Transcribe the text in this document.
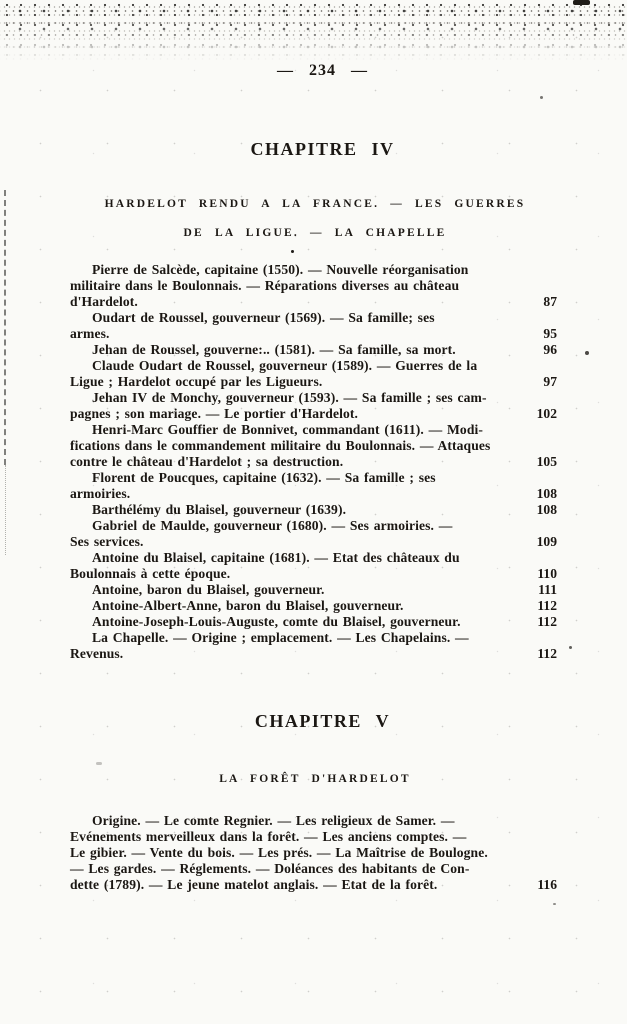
— 234 —
CHAPITRE IV
HARDELOT RENDU A LA FRANCE. — LES GUERRES
DE LA LIGUE. — LA CHAPELLE
Pierre de Salcède, capitaine (1550). — Nouvelle réorganisation
militaire dans le Boulonnais. — Réparations diverses au château
d'Hardelot.	87
Oudart de Roussel, gouverneur (1569). — Sa famille; ses
armes.	95
Jehan de Roussel, gouverne:.. (1581). — Sa famille, sa mort.	96
Claude Oudart de Roussel, gouverneur (1589). — Guerres de la
Ligue ; Hardelot occupé par les Ligueurs.	97
Jehan IV de Monchy, gouverneur (1593). — Sa famille ; ses cam-
pagnes ; son mariage. — Le portier d'Hardelot.	102
Henri-Marc Gouffier de Bonnivet, commandant (1611). — Modi-
fications dans le commandement militaire du Boulonnais. — Attaques
contre le château d'Hardelot ; sa destruction.	105
Florent de Poucques, capitaine (1632). — Sa famille ; ses
armoiries.	108
Barthélémy du Blaisel, gouverneur (1639).	108
Gabriel de Maulde, gouverneur (1680). — Ses armoiries. —
Ses services.	109
Antoine du Blaisel, capitaine (1681). — Etat des châteaux du
Boulonnais à cette époque.	110
Antoine, baron du Blaisel, gouverneur.	111
Antoine-Albert-Anne, baron du Blaisel, gouverneur.	112
Antoine-Joseph-Louis-Auguste, comte du Blaisel, gouverneur.	112
La Chapelle. — Origine ; emplacement. — Les Chapelains. —
Revenus.	112
CHAPITRE V
LA FORÊT D'HARDELOT
Origine. — Le comte Regnier. — Les religieux de Samer. —
Evénements merveilleux dans la forêt. — Les anciens comptes. —
Le gibier. — Vente du bois. — Les prés. — La Maîtrise de Boulogne.
— Les gardes. — Réglements. — Doléances des habitants de Con-
dette (1789). — Le jeune matelot anglais. — Etat de la forêt.	116
